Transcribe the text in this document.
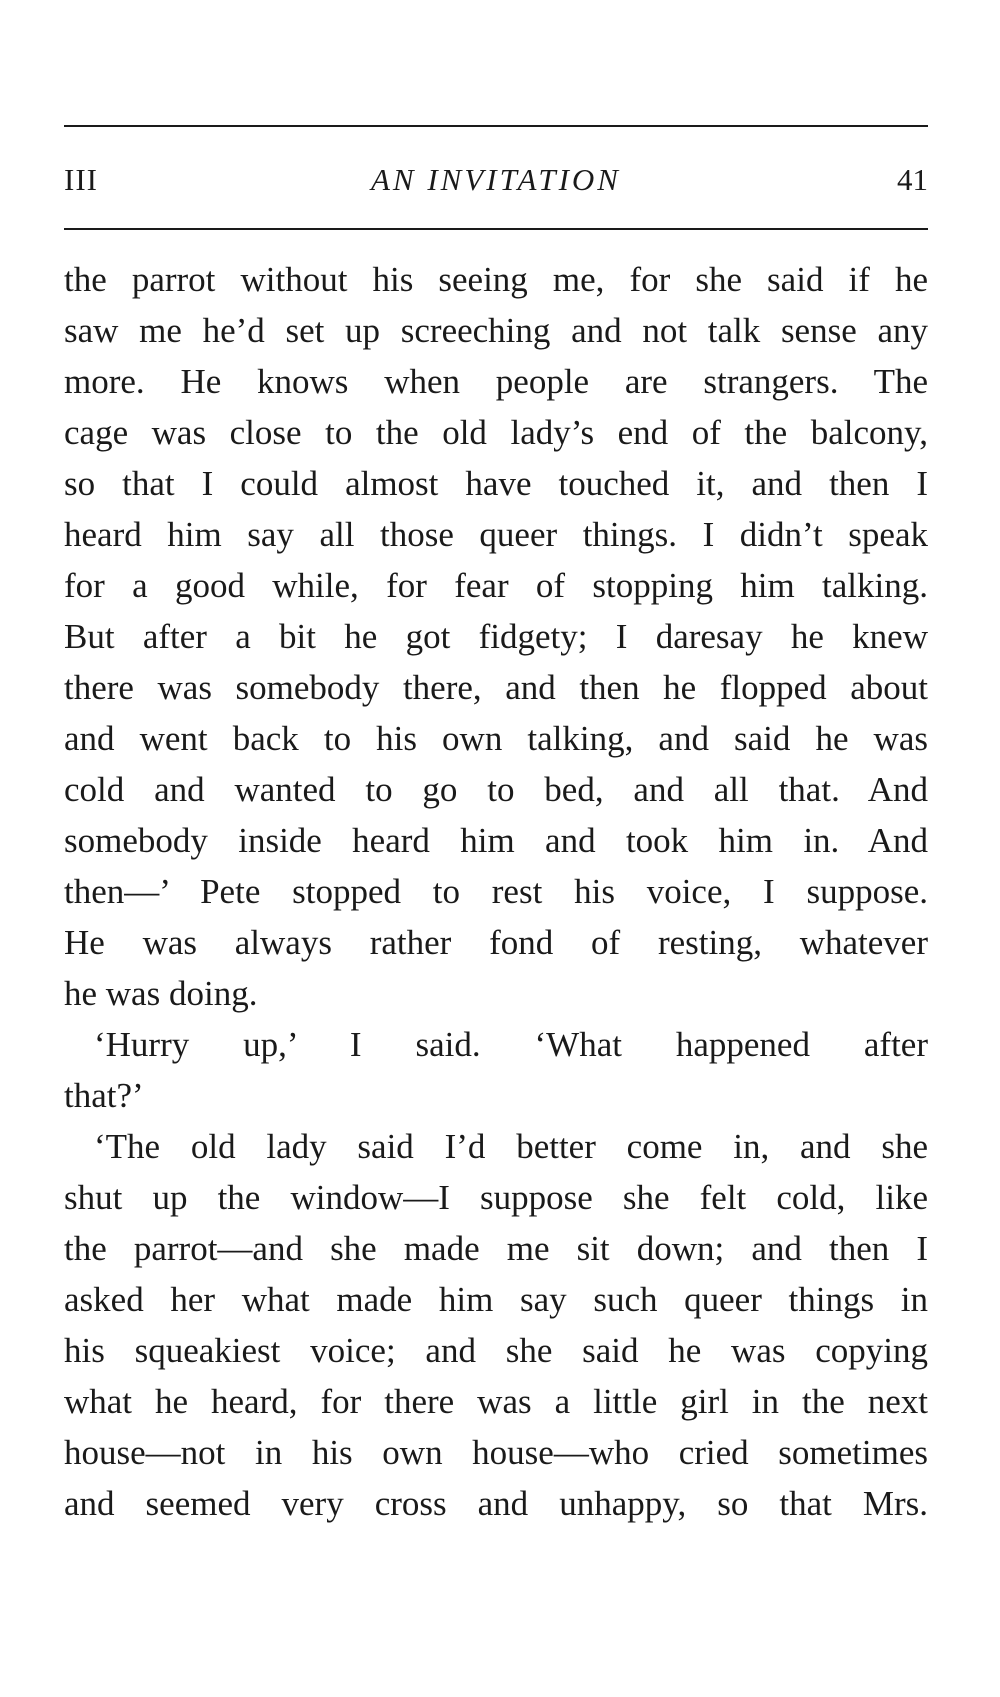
III	AN INVITATION	41
the parrot without his seeing me, for she said if he
saw me he’d set up screeching and not talk sense any
more. He knows when people are strangers. The
cage was close to the old lady’s end of the balcony,
so that I could almost have touched it, and then I
heard him say all those queer things. I didn’t speak
for a good while, for fear of stopping him talking.
But after a bit he got fidgety; I daresay he knew
there was somebody there, and then he flopped about
and went back to his own talking, and said he was
cold and wanted to go to bed, and all that. And
somebody inside heard him and took him in. And
then—’ Pete stopped to rest his voice, I suppose.
He was always rather fond of resting, whatever
he was doing.
‘Hurry up,’ I said. ‘What happened after
that?’
‘The old lady said I’d better come in, and she
shut up the window—I suppose she felt cold, like
the parrot—and she made me sit down; and then I
asked her what made him say such queer things in
his squeakiest voice; and she said he was copying
what he heard, for there was a little girl in the next
house—not in his own house—who cried sometimes
and seemed very cross and unhappy, so that Mrs.
